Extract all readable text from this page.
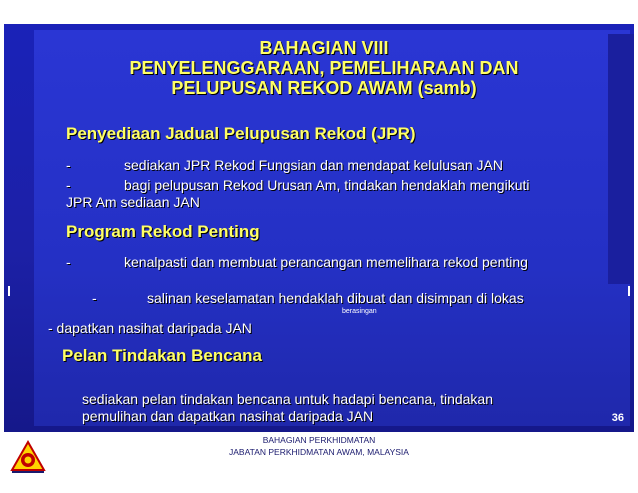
BAHAGIAN VIII
PENYELENGGARAAN, PEMELIHARAAN DAN
PELUPUSAN REKOD AWAM (samb)
Penyediaan Jadual Pelupusan Rekod (JPR)
-	sediakan JPR Rekod Fungsian dan mendapat kelulusan JAN
-	bagi pelupusan Rekod Urusan Am, tindakan hendaklah mengikuti
JPR Am sediaan JAN
Program Rekod Penting
-	kenalpasti dan membuat perancangan memelihara rekod penting
-	salinan keselamatan hendaklah dibuat dan disimpan di lokas
berasingan
- dapatkan nasihat daripada JAN
Pelan Tindakan Bencana
sediakan pelan tindakan bencana untuk hadapi bencana, tindakan
pemulihan dan dapatkan nasihat daripada JAN	36
BAHAGIAN PERKHIDMATAN
JABATAN PERKHIDMATAN AWAM, MALAYSIA
